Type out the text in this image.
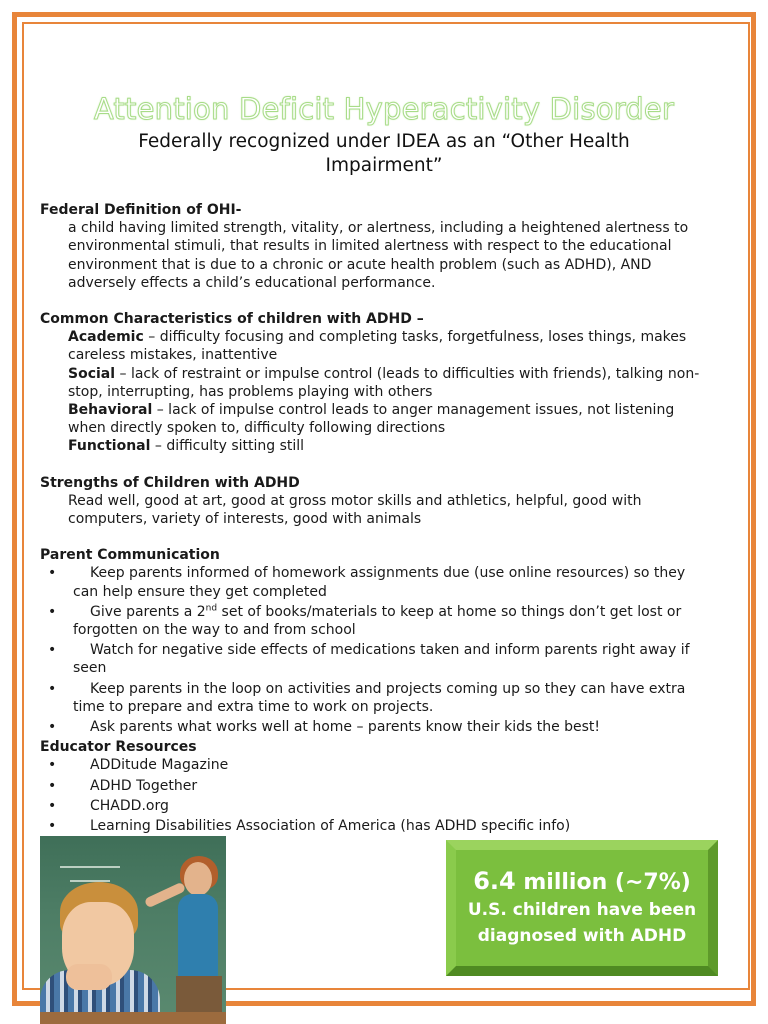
Attention Deficit Hyperactivity Disorder

Federally recognized under IDEA as an “Other Health Impairment”

Federal Definition of OHI-

a child having limited strength, vitality, or alertness, including a heightened alertness to environmental stimuli, that results in limited alertness with respect to the educational environment that is due to a chronic or acute health problem (such as ADHD), AND adversely effects a child’s educational performance.

Common Characteristics of children with ADHD –

Academic – difficulty focusing and completing tasks, forgetfulness, loses things, makes careless mistakes, inattentive

Social – lack of restraint or impulse control (leads to difficulties with friends), talking non-stop, interrupting, has problems playing with others

Behavioral – lack of impulse control leads to anger management issues, not listening when directly spoken to, difficulty following directions

Functional – difficulty sitting still

Strengths of Children with ADHD

Read well, good at art, good at gross motor skills and athletics, helpful, good with computers, variety of interests, good with animals

Parent Communication

•	Keep parents informed of homework assignments due (use online resources) so they can help ensure they get completed
•	Give parents a 2nd set of books/materials to keep at home so things don’t get lost or forgotten on the way to and from school
•	Watch for negative side effects of medications taken and inform parents right away if seen
•	Keep parents in the loop on activities and projects coming up so they can have extra time to prepare and extra time to work on projects.
•	Ask parents what works well at home – parents know their kids the best!

Educator Resources

•	ADDitude Magazine
•	ADHD Together
•	CHADD.org
•	Learning Disabilities Association of America (has ADHD specific info)

6.4 million (~7%)

U.S. children have been

diagnosed with ADHD
